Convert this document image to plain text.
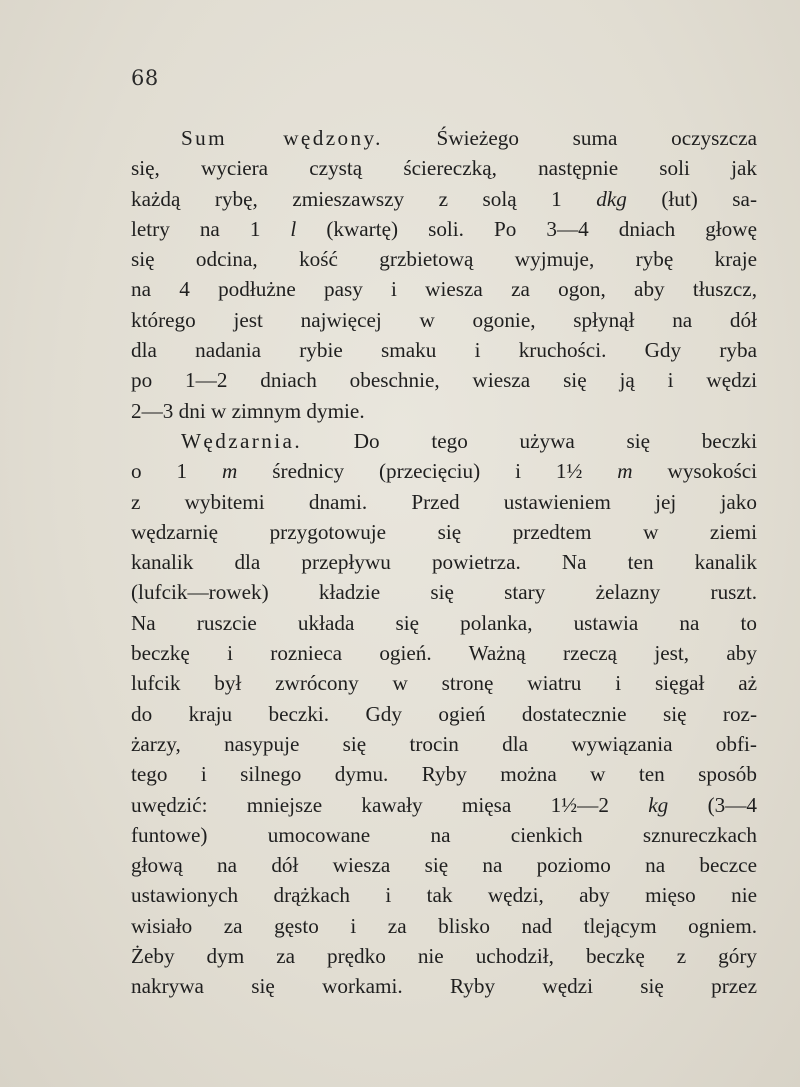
68
Sum wędzony. Świeżego suma oczyszcza
się, wyciera czystą ściereczką, następnie soli jak
każdą rybę, zmieszawszy z solą 1 dkg (łut) sa-
letry na 1 l (kwartę) soli. Po 3—4 dniach głowę
się odcina, kość grzbietową wyjmuje, rybę kraje
na 4 podłużne pasy i wiesza za ogon, aby tłuszcz,
którego jest najwięcej w ogonie, spłynął na dół
dla nadania rybie smaku i kruchości. Gdy ryba
po 1—2 dniach obeschnie, wiesza się ją i wędzi
2—3 dni w zimnym dymie.
Wędzarnia. Do tego używa się beczki
o 1 m średnicy (przecięciu) i 1½ m wysokości
z wybitemi dnami. Przed ustawieniem jej jako
wędzarnię przygotowuje się przedtem w ziemi
kanalik dla przepływu powietrza. Na ten kanalik
(lufcik—rowek) kładzie się stary żelazny ruszt.
Na ruszcie układa się polanka, ustawia na to
beczkę i roznieca ogień. Ważną rzeczą jest, aby
lufcik był zwrócony w stronę wiatru i sięgał aż
do kraju beczki. Gdy ogień dostatecznie się roz-
żarzy, nasypuje się trocin dla wywiązania obfi-
tego i silnego dymu. Ryby można w ten sposób
uwędzić: mniejsze kawały mięsa 1½—2 kg (3—4
funtowe) umocowane na cienkich sznureczkach
głową na dół wiesza się na poziomo na beczce
ustawionych drążkach i tak wędzi, aby mięso nie
wisiało za gęsto i za blisko nad tlejącym ogniem.
Żeby dym za prędko nie uchodził, beczkę z góry
nakrywa się workami. Ryby wędzi się przez
